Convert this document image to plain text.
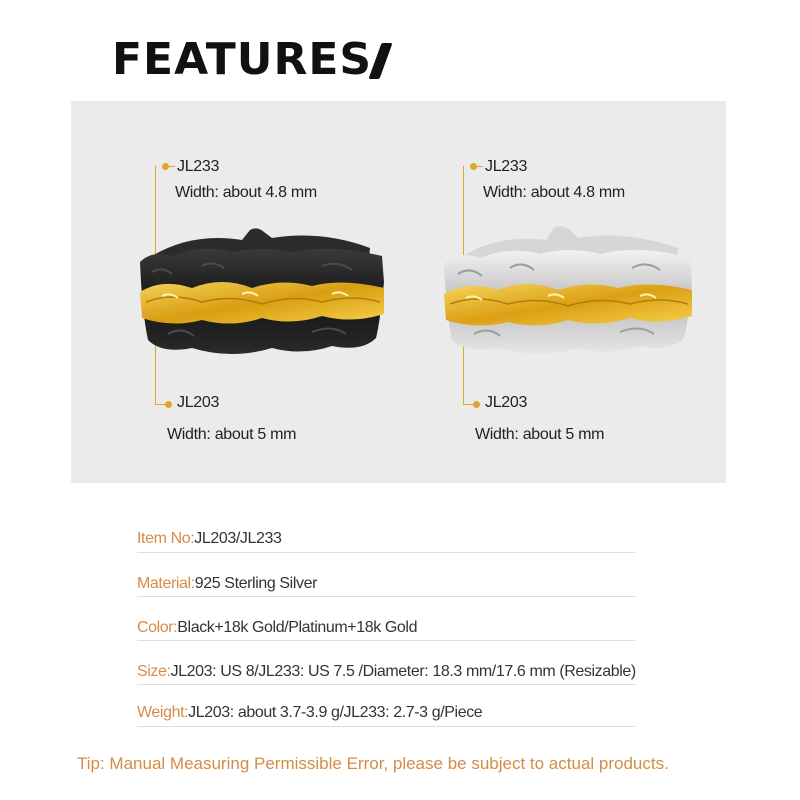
FEATURES
JL233
Width: about 4.8 mm
JL203
Width: about 5 mm
JL233
Width: about 4.8 mm
JL203
Width: about 5 mm
Item No:JL203/JL233
Material:925 Sterling Silver
Color:Black+18k Gold/Platinum+18k Gold
Size:JL203: US 8/JL233: US 7.5 /Diameter: 18.3 mm/17.6 mm (Resizable)
Weight:JL203: about 3.7-3.9 g/JL233: 2.7-3 g/Piece
Tip: Manual Measuring Permissible Error, please be subject to actual products.
